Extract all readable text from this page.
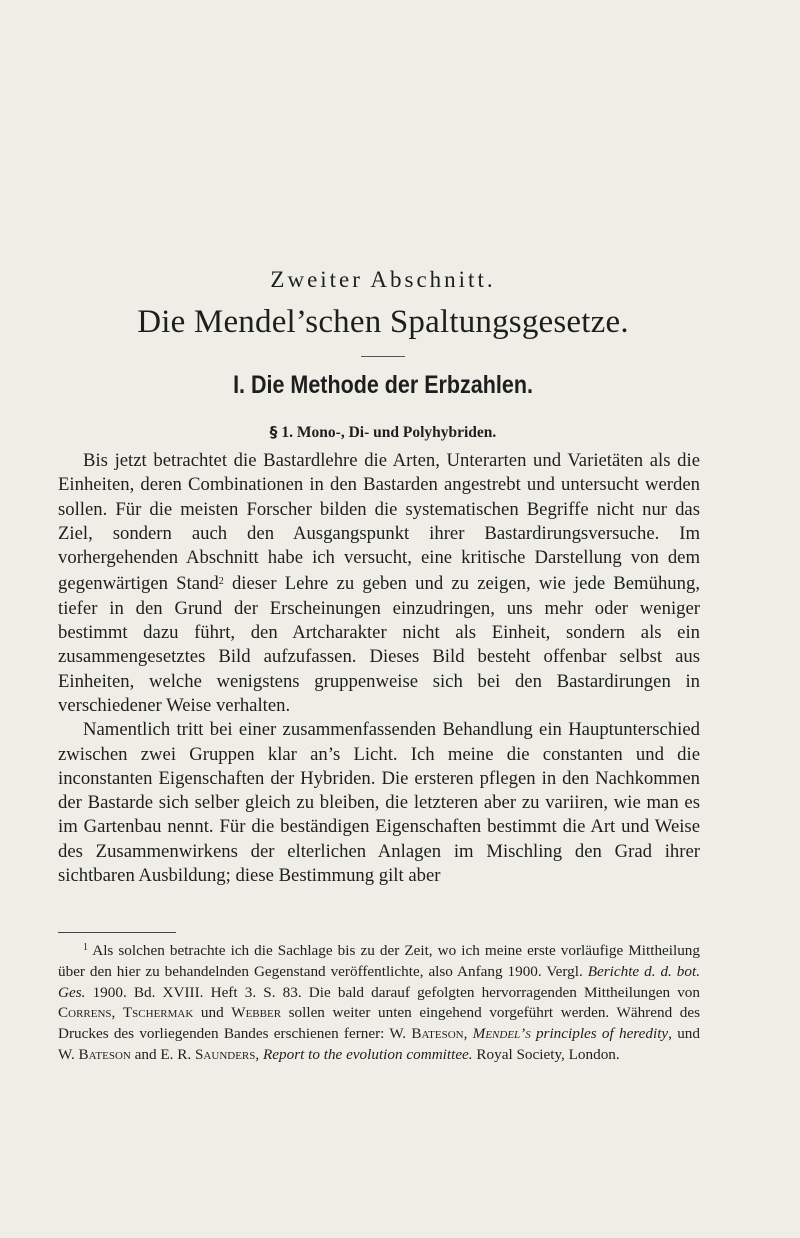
Zweiter Abschnitt.
Die Mendel’schen Spaltungsgesetze.
I. Die Methode der Erbzahlen.
§ 1. Mono-, Di- und Polyhybriden.
Bis jetzt betrachtet die Bastardlehre die Arten, Unterarten und Varietäten als die Einheiten, deren Combinationen in den Bastarden angestrebt und untersucht werden sollen. Für die meisten Forscher bilden die systematischen Begriffe nicht nur das Ziel, sondern auch den Ausgangspunkt ihrer Bastardirungsversuche. Im vorhergehenden Abschnitt habe ich versucht, eine kritische Darstellung von dem gegenwärtigen Stand$^2$ dieser Lehre zu geben und zu zeigen, wie jede Bemühung, tiefer in den Grund der Erscheinungen einzudringen, uns mehr oder weniger bestimmt dazu führt, den Artcharakter nicht als Einheit, sondern als ein zusammengesetztes Bild aufzufassen. Dieses Bild besteht offenbar selbst aus Einheiten, welche wenigstens gruppenweise sich bei den Bastardirungen in verschiedener Weise verhalten.
Namentlich tritt bei einer zusammenfassenden Behandlung ein Hauptunterschied zwischen zwei Gruppen klar an’s Licht. Ich meine die constanten und die inconstanten Eigenschaften der Hybriden. Die ersteren pflegen in den Nachkommen der Bastarde sich selber gleich zu bleiben, die letzteren aber zu variiren, wie man es im Gartenbau nennt. Für die beständigen Eigenschaften bestimmt die Art und Weise des Zusammenwirkens der elterlichen Anlagen im Mischling den Grad ihrer sichtbaren Ausbildung; diese Bestimmung gilt aber
$^1$ Als solchen betrachte ich die Sachlage bis zu der Zeit, wo ich meine erste vorläufige Mittheilung über den hier zu behandelnden Gegenstand veröffentlichte, also Anfang 1900. Vergl. Berichte d. d. bot. Ges. 1900. Bd. XVIII. Heft 3. S. 83. Die bald darauf gefolgten hervorragenden Mittheilungen von Correns, Tschermak und Webber sollen weiter unten eingehend vorgeführt werden. Während des Druckes des vorliegenden Bandes erschienen ferner: W. Bateson, Mendel’s principles of heredity, und W. Bateson and E. R. Saunders, Report to the evolution committee. Royal Society, London.
